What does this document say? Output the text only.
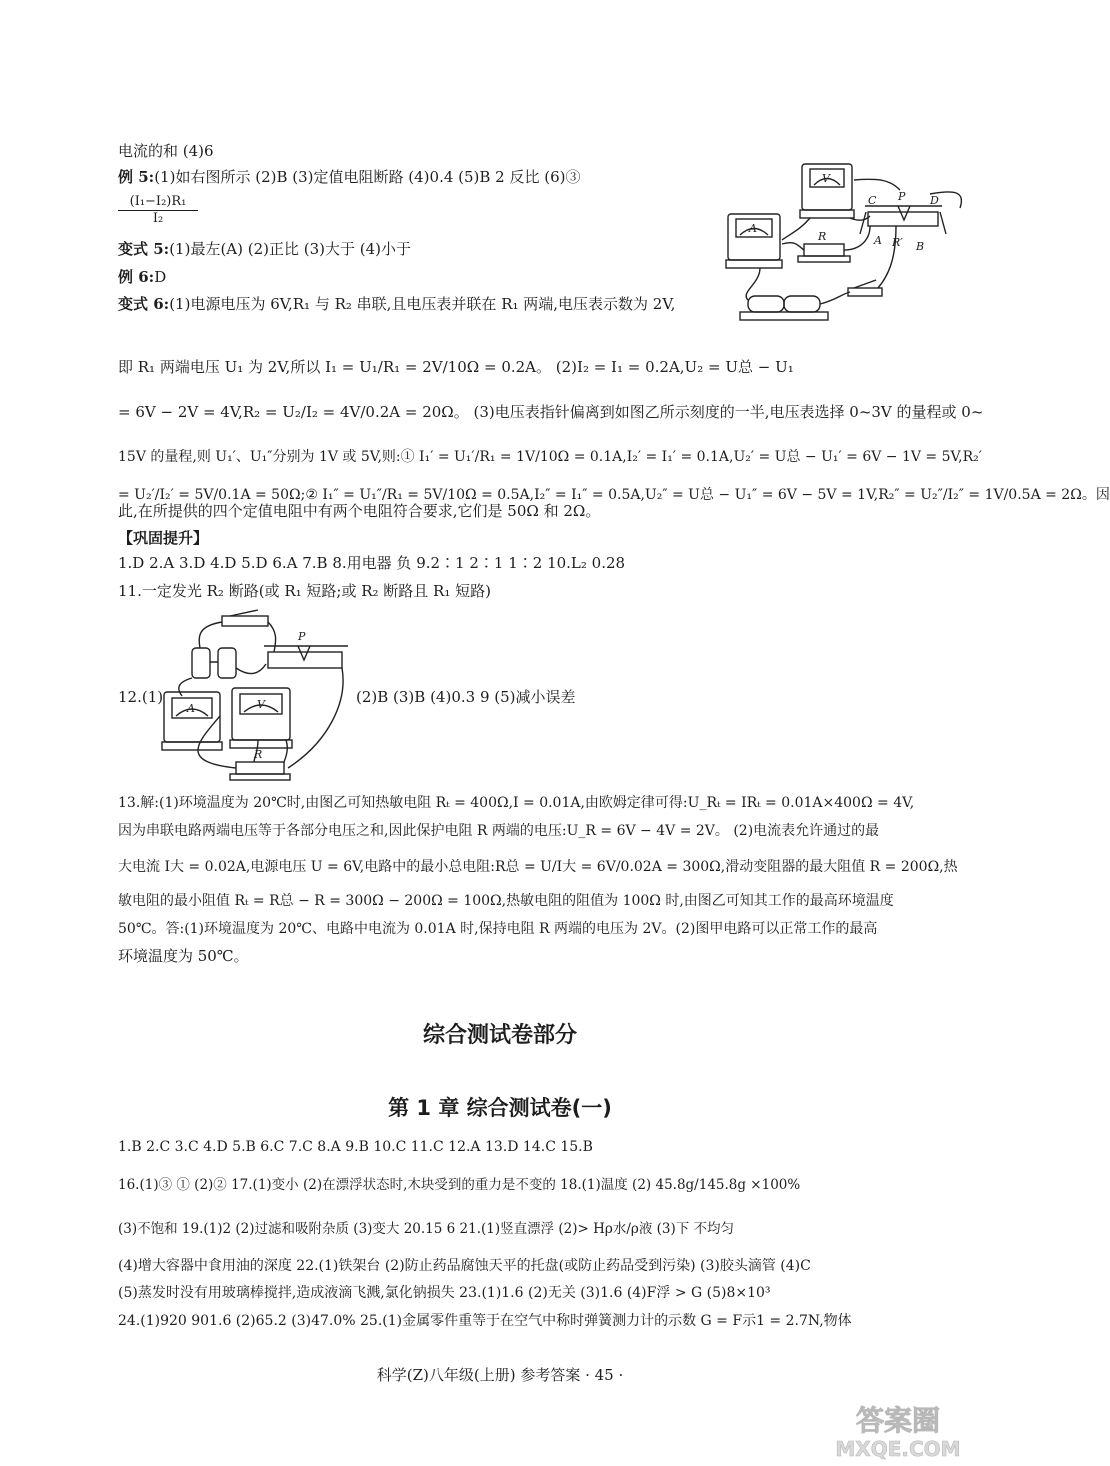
电流的和 (4)6
例 5:(1)如右图所示 (2)B (3)定值电阻断路 (4)0.4 (5)B 2 反比 (6)③
$\frac{\text{(I₁−I₂)R₁}}{\text{I₂}}$
变式 5:(1)最左(A) (2)正比 (3)大于 (4)小于
例 6:D
变式 6:(1)电源电压为 6V,R₁ 与 R₂ 串联,且电压表并联在 R₁ 两端,电压表示数为 2V,
即 R₁ 两端电压 U₁ 为 2V,所以 I₁ = U₁/R₁ = 2V/10Ω = 0.2A。 (2)I₂ = I₁ = 0.2A,U₂ = U总 − U₁
= 6V − 2V = 4V,R₂ = U₂/I₂ = 4V/0.2A = 20Ω。 (3)电压表指针偏离到如图乙所示刻度的一半,电压表选择 0~3V 的量程或 0~
15V 的量程,则 U₁′、U₁″分别为 1V 或 5V,则:① I₁′ = U₁′/R₁ = 1V/10Ω = 0.1A,I₂′ = I₁′ = 0.1A,U₂′ = U总 − U₁′ = 6V − 1V = 5V,R₂′
= U₂′/I₂′ = 5V/0.1A = 50Ω;② I₁″ = U₁″/R₁ = 5V/10Ω = 0.5A,I₂″ = I₁″ = 0.5A,U₂″ = U总 − U₁″ = 6V − 5V = 1V,R₂″ = U₂″/I₂″ = 1V/0.5A = 2Ω。因
此,在所提供的四个定值电阻中有两个电阻符合要求,它们是 50Ω 和 2Ω。
【巩固提升】
1.D 2.A 3.D 4.D 5.D 6.A 7.B 8.用电器 负 9.2∶1 2∶1 1∶2 10.L₂ 0.28
11.一定发光 R₂ 断路(或 R₁ 短路;或 R₂ 断路且 R₁ 短路)
12.(1)	(2)B (3)B (4)0.3 9 (5)减小误差
13.解:(1)环境温度为 20℃时,由图乙可知热敏电阻 Rₜ = 400Ω,I = 0.01A,由欧姆定律可得:U_Rₜ = IRₜ = 0.01A×400Ω = 4V,
因为串联电路两端电压等于各部分电压之和,因此保护电阻 R 两端的电压:U_R = 6V − 4V = 2V。 (2)电流表允许通过的最
大电流 I大 = 0.02A,电源电压 U = 6V,电路中的最小总电阻:R总 = U/I大 = 6V/0.02A = 300Ω,滑动变阻器的最大阻值 R = 200Ω,热
敏电阻的最小阻值 Rₜ = R总 − R = 300Ω − 200Ω = 100Ω,热敏电阻的阻值为 100Ω 时,由图乙可知其工作的最高环境温度
50℃。答:(1)环境温度为 20℃、电路中电流为 0.01A 时,保持电阻 R 两端的电压为 2V。(2)图甲电路可以正常工作的最高
环境温度为 50℃。
综合测试卷部分
第 1 章 综合测试卷(一)
1.B 2.C 3.C 4.D 5.B 6.C 7.C 8.A 9.B 10.C 11.C 12.A 13.D 14.C 15.B
16.(1)③ ① (2)② 17.(1)变小 (2)在漂浮状态时,木块受到的重力是不变的 18.(1)温度 (2) 45.8g/145.8g ×100%
(3)不饱和 19.(1)2 (2)过滤和吸附杂质 (3)变大 20.15 6 21.(1)竖直漂浮 (2)> Hρ水/ρ液 (3)下 不均匀
(4)增大容器中食用油的深度 22.(1)铁架台 (2)防止药品腐蚀天平的托盘(或防止药品受到污染) (3)胶头滴管 (4)C
(5)蒸发时没有用玻璃棒搅拌,造成液滴飞溅,氯化钠损失 23.(1)1.6 (2)无关 (3)1.6 (4)F浮 > G (5)8×10³
24.(1)920 901.6 (2)65.2 (3)47.0% 25.(1)金属零件重等于在空气中称时弹簧测力计的示数 G = F示1 = 2.7N,物体
科学(Z)八年级(上册) 参考答案 · 45 ·
A
V
C P D
R	A R′ B
P
A	V
R
答案圈
MXQE.COM
